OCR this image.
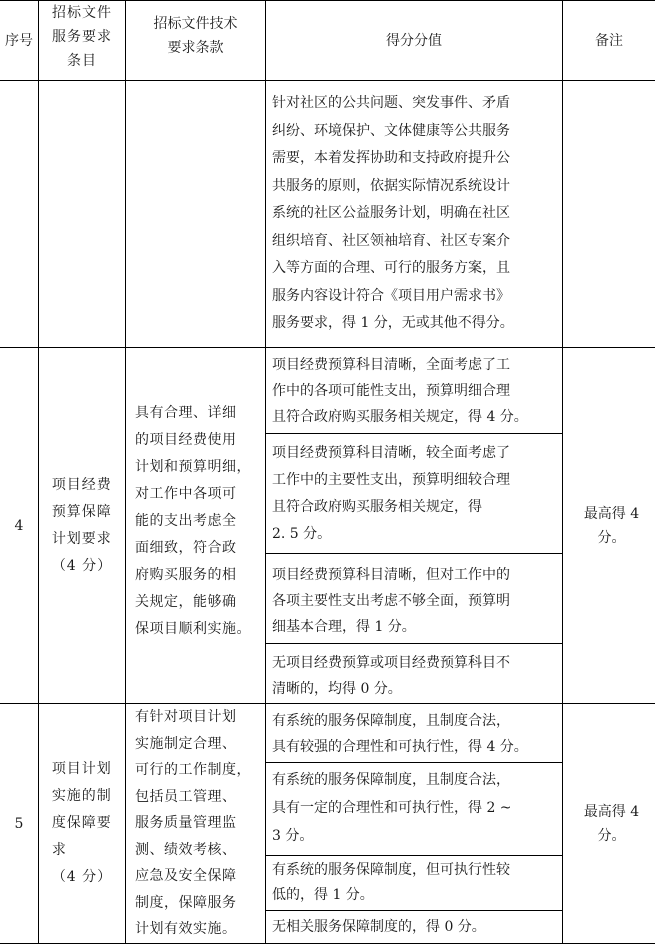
序号
招标文件
服务要求
条目
招标文件技术
要求条款	得分分值	备注
针对社区的公共问题、突发事件、矛盾
纠纷、环境保护、文体健康等公共服务
需要，本着发挥协助和支持政府提升公
共服务的原则，依据实际情况系统设计
系统的社区公益服务计划，明确在社区
组织培育、社区领袖培育、社区专案介
入等方面的合理、可行的服务方案，且
服务内容设计符合《项目用户需求书》
服务要求，得 1 分，无或其他不得分。
4
项目经费
预算保障
计划要求
（4 分）
具有合理、详细
的项目经费使用
计划和预算明细，
对工作中各项可
能的支出考虑全
面细致，符合政
府购买服务的相
关规定，能够确
保项目顺利实施。
项目经费预算科目清晰，全面考虑了工
作中的各项可能性支出，预算明细合理
且符合政府购买服务相关规定，得 4 分。
项目经费预算科目清晰，较全面考虑了
工作中的主要性支出，预算明细较合理
且符合政府购买服务相关规定，得
2. 5 分。
项目经费预算科目清晰，但对工作中的
各项主要性支出考虑不够全面，预算明
细基本合理，得 1 分。
无项目经费预算或项目经费预算科目不
清晰的，均得 0 分。
最高得 4 分。
5
项目计划
实施的制
度保障要
求
（4 分）
有针对项目计划
实施制定合理、
可行的工作制度，
包括员工管理、
服务质量管理监
测、绩效考核、
应急及安全保障
制度，保障服务
计划有效实施。
有系统的服务保障制度，且制度合法，
具有较强的合理性和可执行性，得 4 分。
有系统的服务保障制度，且制度合法，
具有一定的合理性和可执行性，得 2 ~
3 分。
有系统的服务保障制度，但可执行性较
低的，得 1 分。
无相关服务保障制度的，得 0 分。
最高得 4 分。
